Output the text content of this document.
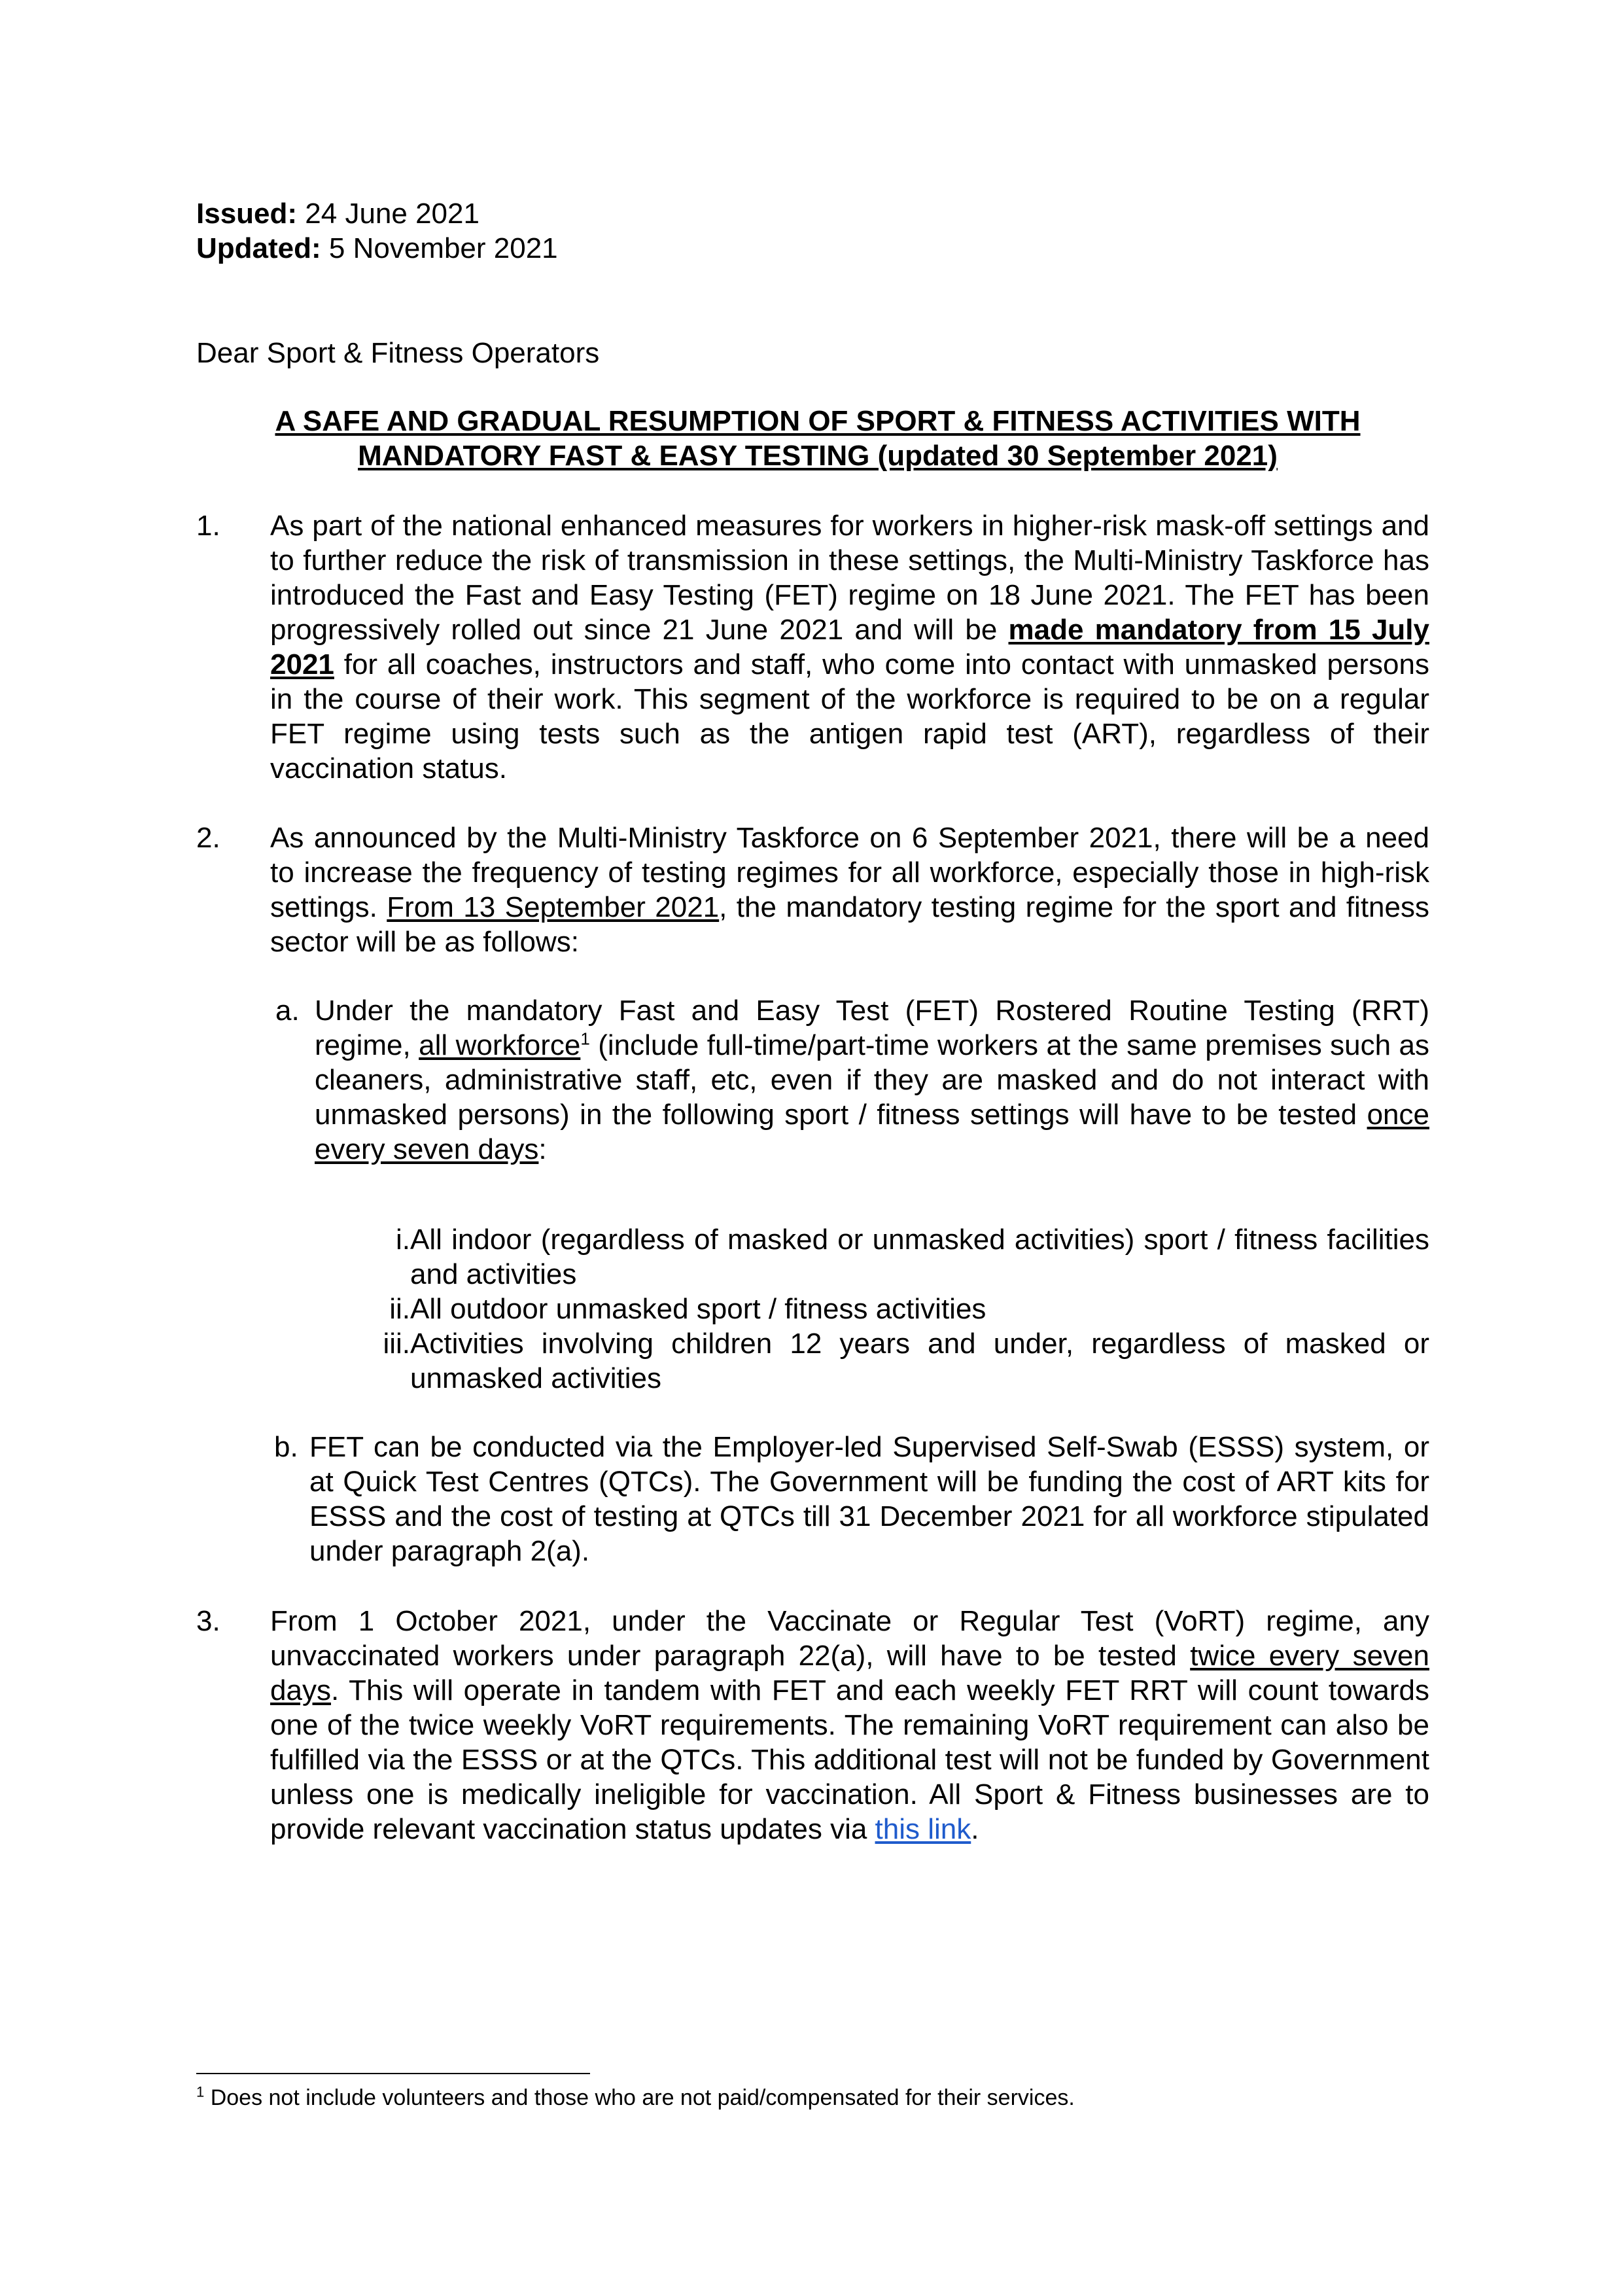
Issued: 24 June 2021
Updated: 5 November 2021
Dear Sport & Fitness Operators
A SAFE AND GRADUAL RESUMPTION OF SPORT & FITNESS ACTIVITIES WITH
MANDATORY FAST & EASY TESTING (updated 30 September 2021)
1. As part of the national enhanced measures for workers in higher-risk mask-off settings and to further reduce the risk of transmission in these settings, the Multi-Ministry Taskforce has introduced the Fast and Easy Testing (FET) regime on 18 June 2021. The FET has been progressively rolled out since 21 June 2021 and will be made mandatory from 15 July 2021 for all coaches, instructors and staff, who come into contact with unmasked persons in the course of their work. This segment of the workforce is required to be on a regular FET regime using tests such as the antigen rapid test (ART), regardless of their vaccination status.
2. As announced by the Multi-Ministry Taskforce on 6 September 2021, there will be a need to increase the frequency of testing regimes for all workforce, especially those in high-risk settings. From 13 September 2021, the mandatory testing regime for the sport and fitness sector will be as follows:
a. Under the mandatory Fast and Easy Test (FET) Rostered Routine Testing (RRT) regime, all workforce$^1$ (include full-time/part-time workers at the same premises such as cleaners, administrative staff, etc, even if they are masked and do not interact with unmasked persons) in the following sport / fitness settings will have to be tested once every seven days:
i. All indoor (regardless of masked or unmasked activities) sport / fitness facilities and activities
ii. All outdoor unmasked sport / fitness activities
iii. Activities involving children 12 years and under, regardless of masked or unmasked activities
b. FET can be conducted via the Employer-led Supervised Self-Swab (ESSS) system, or at Quick Test Centres (QTCs). The Government will be funding the cost of ART kits for ESSS and the cost of testing at QTCs till 31 December 2021 for all workforce stipulated under paragraph 2(a).
3. From 1 October 2021, under the Vaccinate or Regular Test (VoRT) regime, any unvaccinated workers under paragraph 22(a), will have to be tested twice every seven days. This will operate in tandem with FET and each weekly FET RRT will count towards one of the twice weekly VoRT requirements. The remaining VoRT requirement can also be fulfilled via the ESSS or at the QTCs. This additional test will not be funded by Government unless one is medically ineligible for vaccination. All Sport & Fitness businesses are to provide relevant vaccination status updates via this link.
$^1$ Does not include volunteers and those who are not paid/compensated for their services.
